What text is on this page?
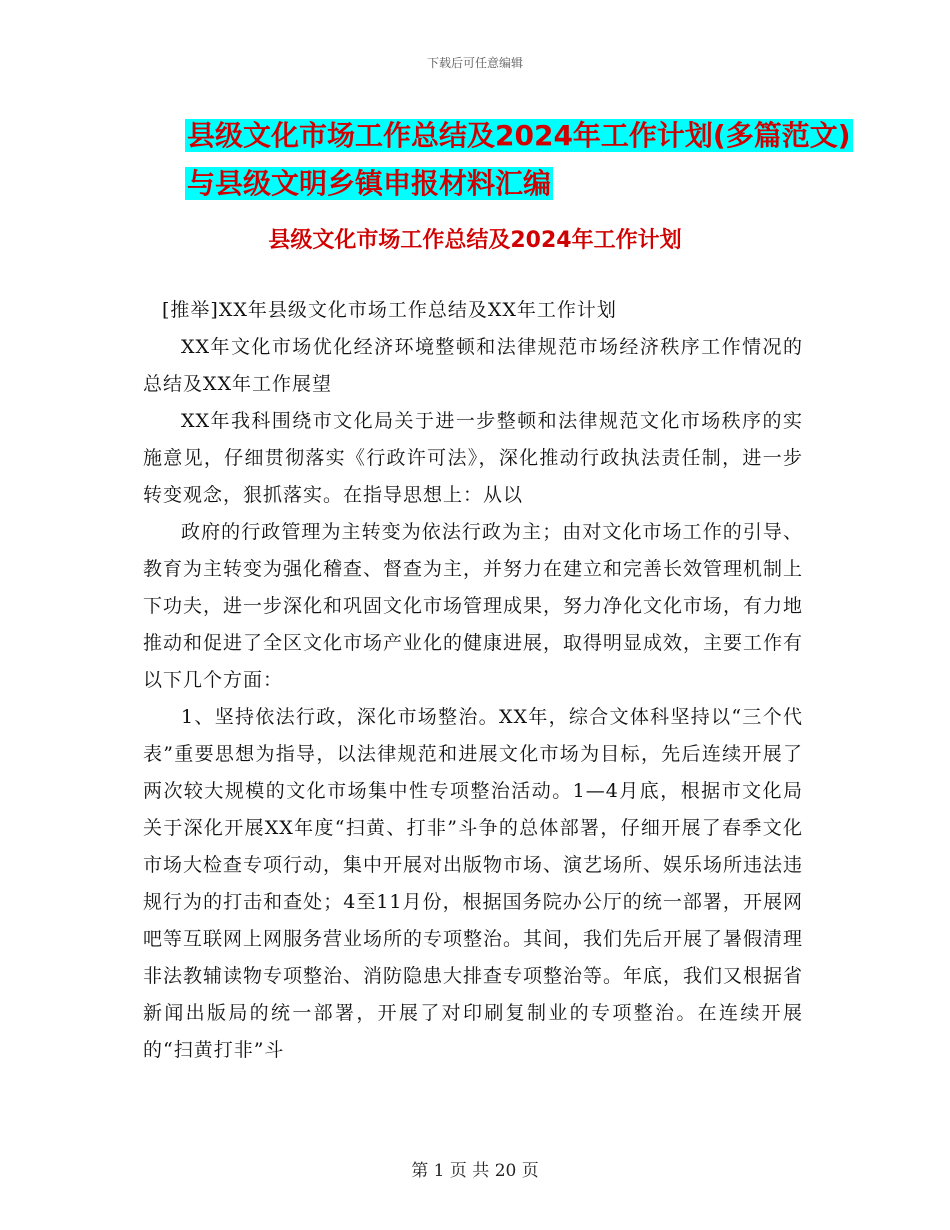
下载后可任意编辑
县级文化市场工作总结及2024年工作计划(多篇范文)
与县级文明乡镇申报材料汇编
县级文化市场工作总结及2024年工作计划

[推举]XX年县级文化市场工作总结及XX年工作计划

XX年文化市场优化经济环境整顿和法律规范市场经济秩序工作情况的总结及XX年工作展望

XX年我科围绕市文化局关于进一步整顿和法律规范文化市场秩序的实施意见，仔细贯彻落实《行政许可法》，深化推动行政执法责任制，进一步转变观念，狠抓落实。在指导思想上：从以

政府的行政管理为主转变为依法行政为主；由对文化市场工作的引导、教育为主转变为强化稽查、督查为主，并努力在建立和完善长效管理机制上下功夫，进一步深化和巩固文化市场管理成果，努力净化文化市场，有力地推动和促进了全区文化市场产业化的健康进展，取得明显成效，主要工作有以下几个方面：

1、坚持依法行政，深化市场整治。XX年，综合文体科坚持以“三个代表”重要思想为指导，以法律规范和进展文化市场为目标，先后连续开展了两次较大规模的文化市场集中性专项整治活动。1—4月底，根据市文化局关于深化开展XX年度“扫黄、打非”斗争的总体部署，仔细开展了春季文化市场大检查专项行动，集中开展对出版物市场、演艺场所、娱乐场所违法违规行为的打击和查处；4至11月份，根据国务院办公厅的统一部署，开展网吧等互联网上网服务营业场所的专项整治。其间，我们先后开展了暑假清理非法教辅读物专项整治、消防隐患大排查专项整治等。年底，我们又根据省新闻出版局的统一部署，开展了对印刷复制业的专项整治。在连续开展的“扫黄打非”斗

第 1 页 共 20 页
